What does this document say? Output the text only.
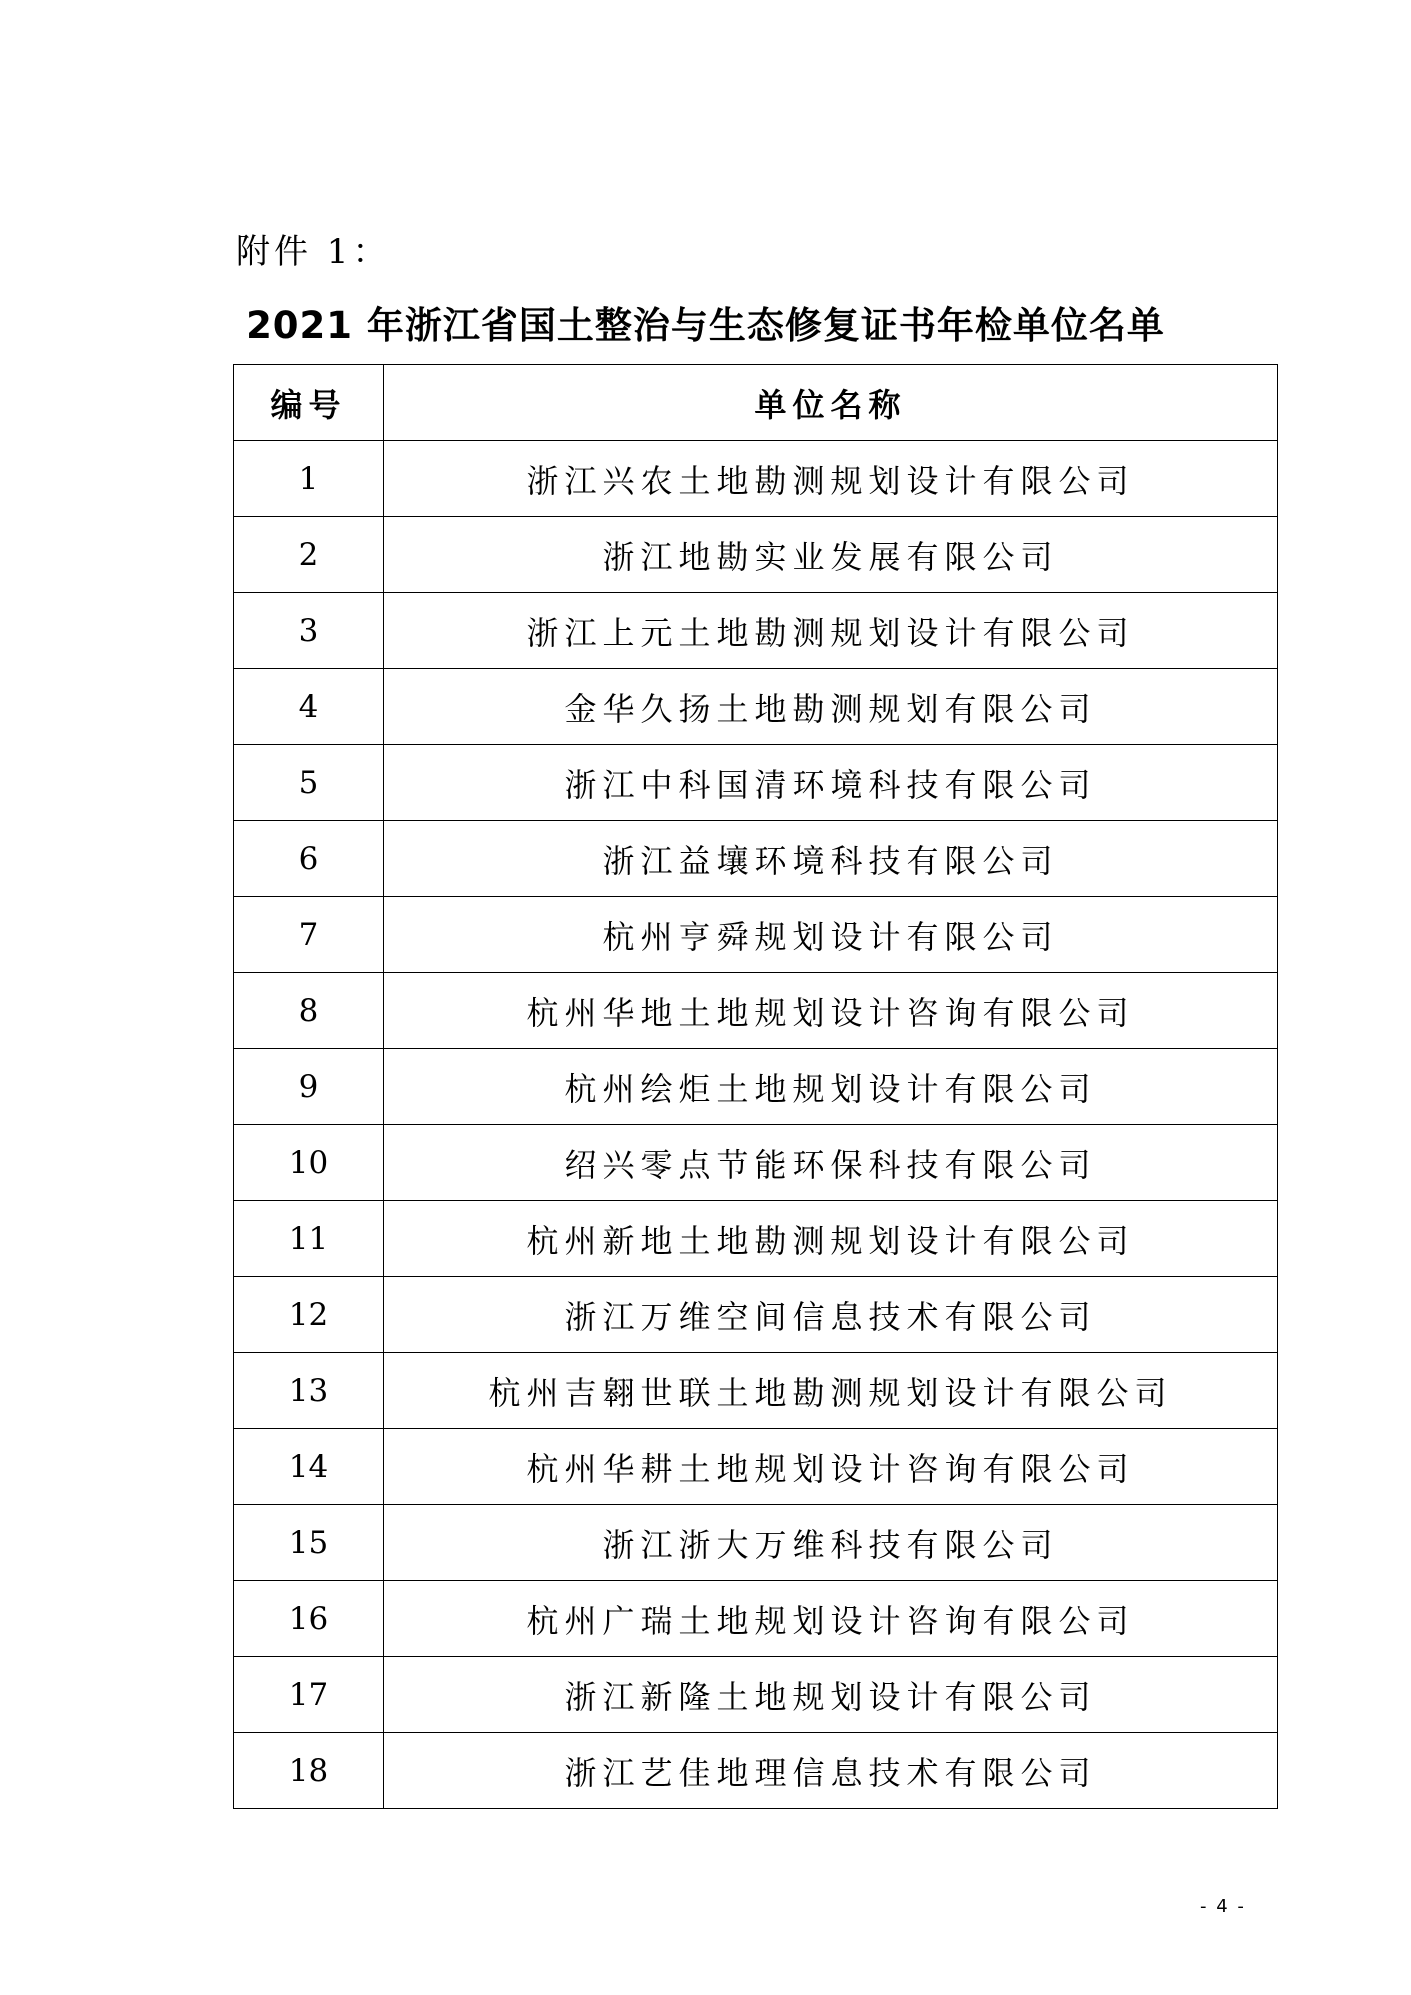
附件 1：
2021 年浙江省国土整治与生态修复证书年检单位名单
编号	单位名称
1	浙江兴农土地勘测规划设计有限公司
2	浙江地勘实业发展有限公司
3	浙江上元土地勘测规划设计有限公司
4	金华久扬土地勘测规划有限公司
5	浙江中科国清环境科技有限公司
6	浙江益壤环境科技有限公司
7	杭州亨舜规划设计有限公司
8	杭州华地土地规划设计咨询有限公司
9	杭州绘炬土地规划设计有限公司
10	绍兴零点节能环保科技有限公司
11	杭州新地土地勘测规划设计有限公司
12	浙江万维空间信息技术有限公司
13	杭州吉翱世联土地勘测规划设计有限公司
14	杭州华耕土地规划设计咨询有限公司
15	浙江浙大万维科技有限公司
16	杭州广瑞土地规划设计咨询有限公司
17	浙江新隆土地规划设计有限公司
18	浙江艺佳地理信息技术有限公司
- 4 -
